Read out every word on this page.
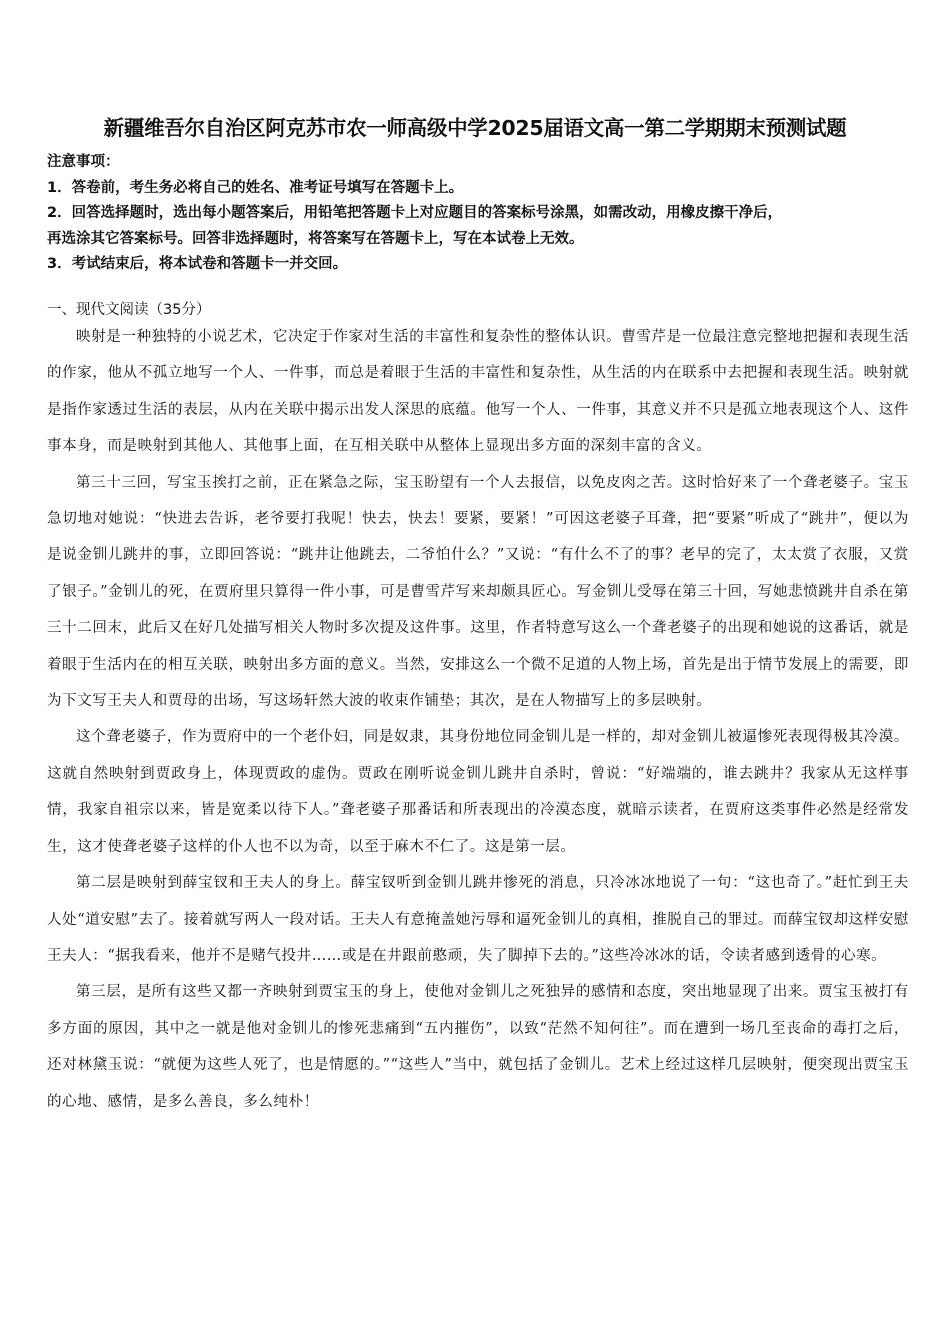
新疆维吾尔自治区阿克苏市农一师高级中学2025届语文高一第二学期期末预测试题

注意事项：

1．答卷前，考生务必将自己的姓名、准考证号填写在答题卡上。

2．回答选择题时，选出每小题答案后，用铅笔把答题卡上对应题目的答案标号涂黑，如需改动，用橡皮擦干净后，

再选涂其它答案标号。回答非选择题时，将答案写在答题卡上，写在本试卷上无效。

3．考试结束后，将本试卷和答题卡一并交回。

一、现代文阅读（35分）

映射是一种独特的小说艺术，它决定于作家对生活的丰富性和复杂性的整体认识。曹雪芹是一位最注意完整地把握和表现生活的作家，他从不孤立地写一个人、一件事，而总是着眼于生活的丰富性和复杂性，从生活的内在联系中去把握和表现生活。映射就是指作家透过生活的表层，从内在关联中揭示出发人深思的底蕴。他写一个人、一件事，其意义并不只是孤立地表现这个人、这件事本身，而是映射到其他人、其他事上面，在互相关联中从整体上显现出多方面的深刻丰富的含义。

第三十三回，写宝玉挨打之前，正在紧急之际，宝玉盼望有一个人去报信，以免皮肉之苦。这时恰好来了一个聋老婆子。宝玉急切地对她说：“快进去告诉，老爷要打我呢！快去，快去！要紧，要紧！”可因这老婆子耳聋，把“要紧”听成了“跳井”，便以为是说金钏儿跳井的事，立即回答说：“跳井让他跳去，二爷怕什么？”又说：“有什么不了的事？老早的完了，太太赏了衣服，又赏了银子。”金钏儿的死，在贾府里只算得一件小事，可是曹雪芹写来却颇具匠心。写金钏儿受辱在第三十回，写她悲愤跳井自杀在第三十二回末，此后又在好几处描写相关人物时多次提及这件事。这里，作者特意写这么一个聋老婆子的出现和她说的这番话，就是着眼于生活内在的相互关联，映射出多方面的意义。当然，安排这么一个微不足道的人物上场，首先是出于情节发展上的需要，即为下文写王夫人和贾母的出场，写这场轩然大波的收束作铺垫；其次，是在人物描写上的多层映射。

这个聋老婆子，作为贾府中的一个老仆妇，同是奴隶，其身份地位同金钏儿是一样的，却对金钏儿被逼惨死表现得极其冷漠。这就自然映射到贾政身上，体现贾政的虚伪。贾政在刚听说金钏儿跳井自杀时，曾说：“好端端的，谁去跳井？我家从无这样事情，我家自祖宗以来，皆是宽柔以待下人。”聋老婆子那番话和所表现出的冷漠态度，就暗示读者，在贾府这类事件必然是经常发生，这才使聋老婆子这样的仆人也不以为奇，以至于麻木不仁了。这是第一层。

第二层是映射到薛宝钗和王夫人的身上。薛宝钗听到金钏儿跳井惨死的消息，只冷冰冰地说了一句：“这也奇了。”赶忙到王夫人处“道安慰”去了。接着就写两人一段对话。王夫人有意掩盖她污辱和逼死金钏儿的真相，推脱自己的罪过。而薛宝钗却这样安慰王夫人：“据我看来，他并不是赌气投井……或是在井跟前憨顽，失了脚掉下去的。”这些冷冰冰的话，令读者感到透骨的心寒。

第三层，是所有这些又都一齐映射到贾宝玉的身上，使他对金钏儿之死独异的感情和态度，突出地显现了出来。贾宝玉被打有多方面的原因，其中之一就是他对金钏儿的惨死悲痛到“五内摧伤”，以致“茫然不知何往”。而在遭到一场几至丧命的毒打之后，还对林黛玉说：“就便为这些人死了，也是情愿的。”“这些人”当中，就包括了金钏儿。艺术上经过这样几层映射，便突现出贾宝玉的心地、感情，是多么善良，多么纯朴！
